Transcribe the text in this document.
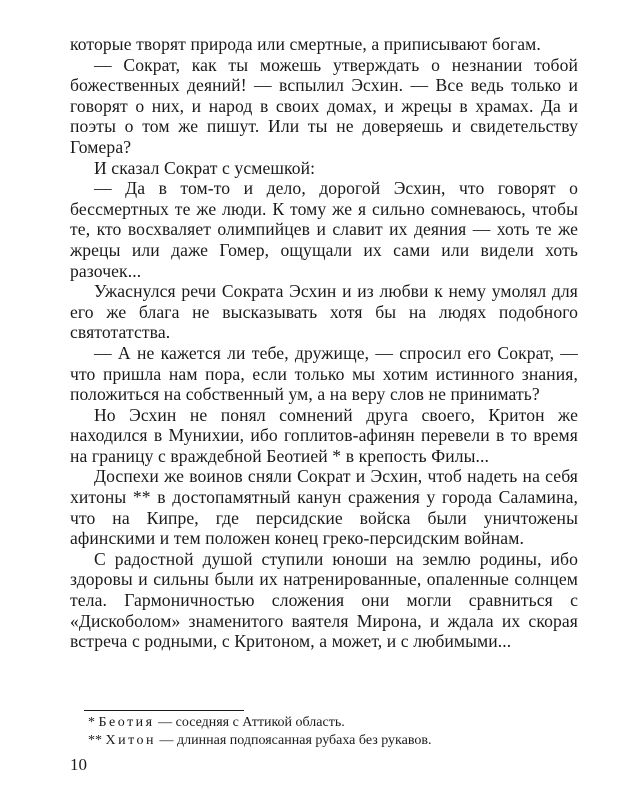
которые творят природа или смертные, а приписывают богам.

— Сократ, как ты можешь утверждать о незнании тобой божественных деяний! — вспылил Эсхин. — Все ведь только и говорят о них, и народ в своих домах, и жрецы в храмах. Да и поэты о том же пишут. Или ты не доверяешь и свидетельству Гомера?

И сказал Сократ с усмешкой:

— Да в том-то и дело, дорогой Эсхин, что говорят о бессмертных те же люди. К тому же я сильно сомневаюсь, чтобы те, кто восхваляет олимпийцев и славит их деяния — хоть те же жрецы или даже Гомер, ощущали их сами или видели хоть разочек...

Ужаснулся речи Сократа Эсхин и из любви к нему умолял для его же блага не высказывать хотя бы на людях подобного святотатства.

— А не кажется ли тебе, дружище, — спросил его Сократ, — что пришла нам пора, если только мы хотим истинного знания, положиться на собственный ум, а на веру слов не принимать?

Но Эсхин не понял сомнений друга своего, Критон же находился в Мунихии, ибо гоплитов-афинян перевели в то время на границу с враждебной Беотией * в крепость Филы...

Доспехи же воинов сняли Сократ и Эсхин, чтоб надеть на себя хитоны ** в достопамятный канун сражения у города Саламина, что на Кипре, где персидские войска были уничтожены афинскими и тем положен конец греко-персидским войнам.

С радостной душой ступили юноши на землю родины, ибо здоровы и сильны были их натренированные, опаленные солнцем тела. Гармоничностью сложения они могли сравниться с «Дискоболом» знаменитого ваятеля Мирона, и ждала их скорая встреча с родными, с Критоном, а может, и с любимыми...

* Беотия — соседняя с Аттикой область.

** Хитон — длинная подпоясанная рубаха без рукавов.

10
